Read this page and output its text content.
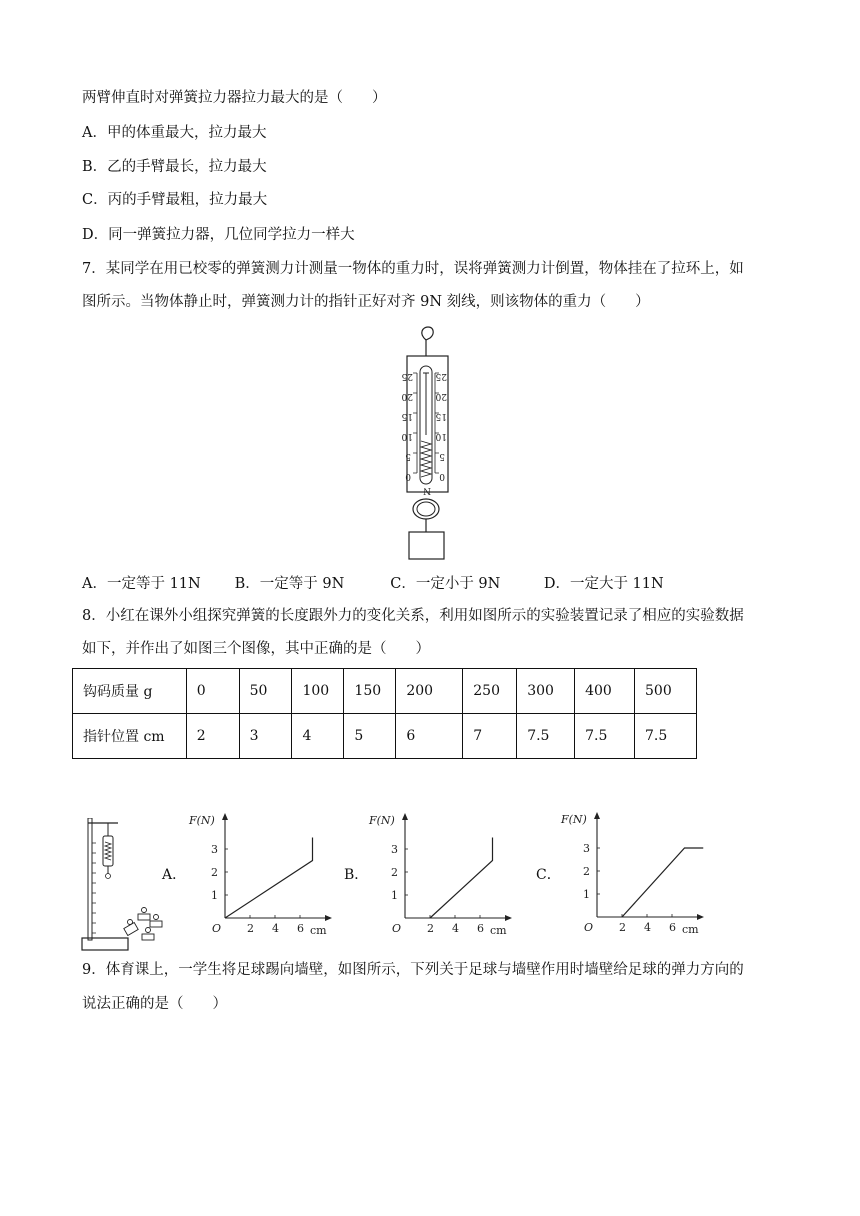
两臂伸直时对弹簧拉力器拉力最大的是（　　）
A．甲的体重最大，拉力最大
B．乙的手臂最长，拉力最大
C．丙的手臂最粗，拉力最大
D．同一弹簧拉力器，几位同学拉力一样大
7．某同学在用已校零的弹簧测力计测量一物体的重力时，误将弹簧测力计倒置，物体挂在了拉环上，如
图所示。当物体静止时，弹簧测力计的指针正好对齐 9N 刻线，则该物体的重力（　　）
25
20
15
10
5
0
25
20
15
10
5
0
N
A．一定等于 11N B．一定等于 9N	C．一定小于 9N	D．一定大于 11N
8．小红在课外小组探究弹簧的长度跟外力的变化关系，利用如图所示的实验装置记录了相应的实验数据
如下，并作出了如图三个图像，其中正确的是（　　）
钩码质量 g	0	50	100	150	200	250	300	400	500
指针位置 cm	2	3	4	5	6	7	7.5	7.5	7.5
A．	B．	C．
F(N)
cm
O
1
2
3
2 4 6
F(N)
cm
O
1
2
3
2 4 6
F(N)
cm
O
1
2
3
2 4 6
9．体育课上，一学生将足球踢向墙壁，如图所示，下列关于足球与墙壁作用时墙壁给足球的弹力方向的
说法正确的是（　　）
